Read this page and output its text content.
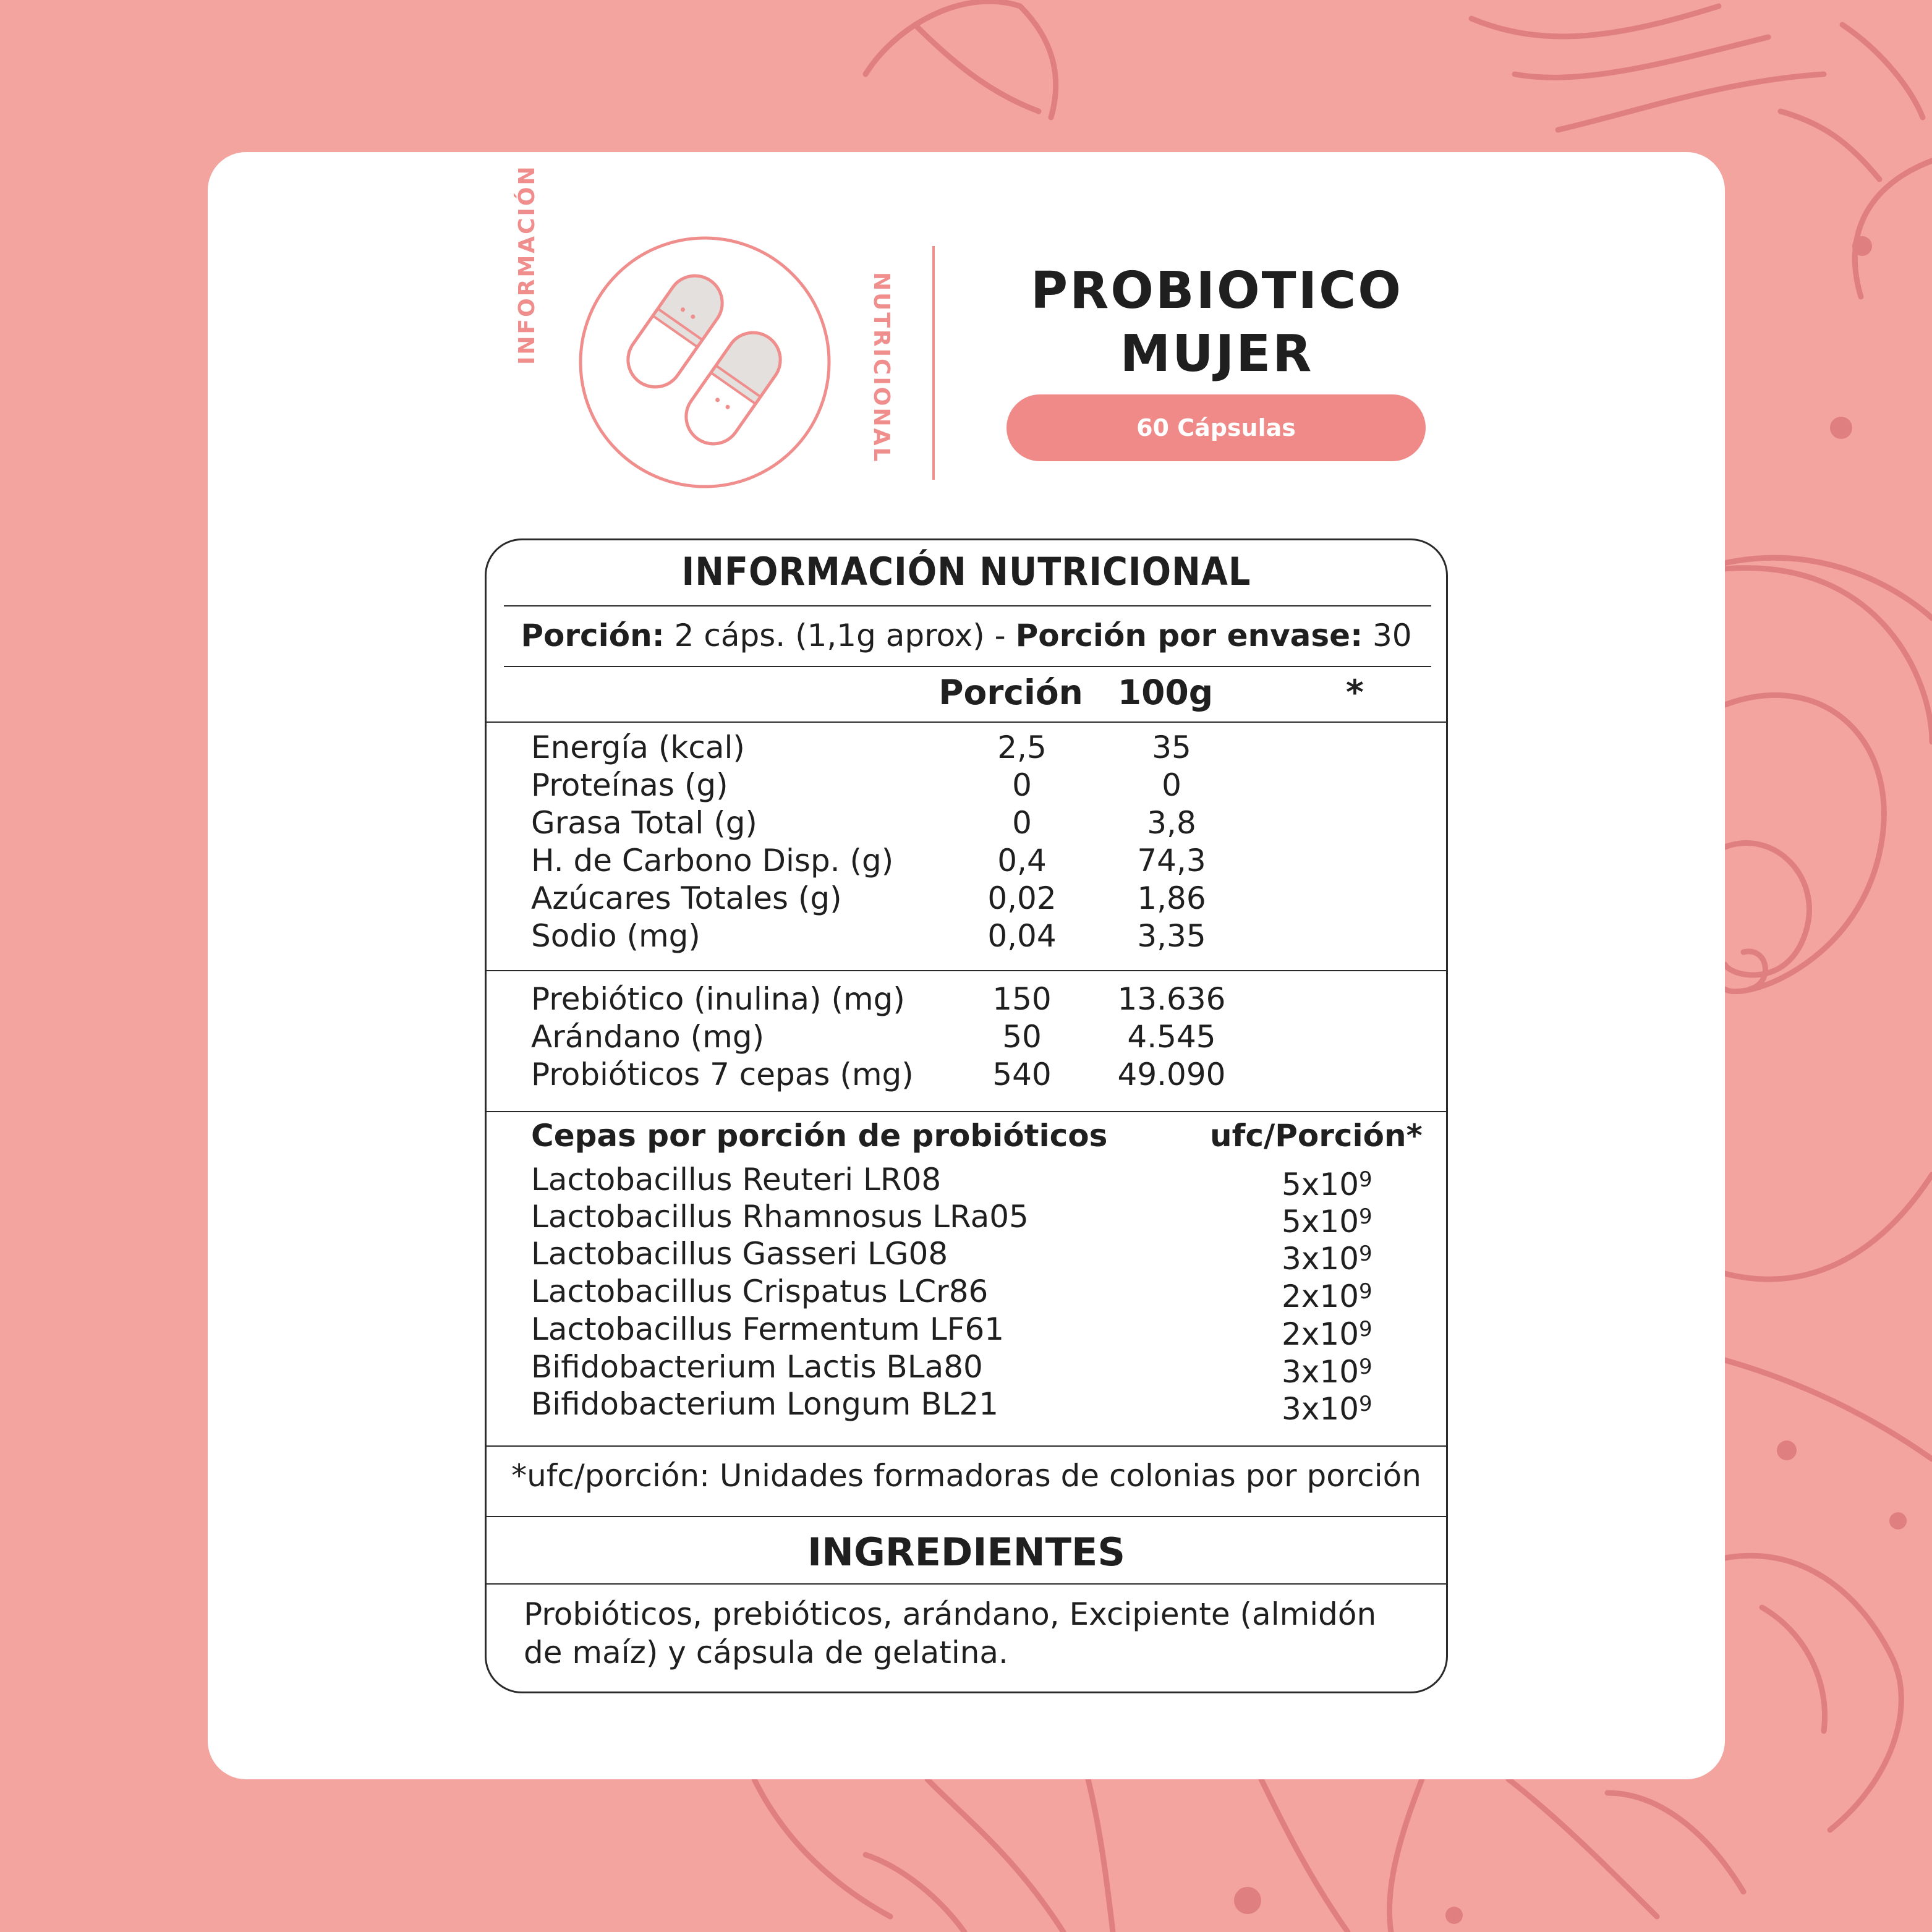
INFORMACIÓN
NUTRICIONAL	PROBIOTICO
MUJER
60 Cápsulas
INFORMACIÓN NUTRICIONAL
Porción: 2 cáps. (1,1g aprox) - Porción por envase: 30
Porción 100g	*
Energía (kcal)	2,5	35
Proteínas (g)	0	0
Grasa Total (g)	0	3,8
H. de Carbono Disp. (g)	0,4	74,3
Azúcares Totales (g)	0,02	1,86
Sodio (mg)	0,04	3,35
Prebiótico (inulina) (mg)	150 13.636
Arándano (mg)	50	4.545
Probióticos 7 cepas (mg)	540 49.090
Cepas por porción de probióticos	ufc/Porción*
Lactobacillus Reuteri LR08	$5x10^9$
Lactobacillus Rhamnosus LRa05	$5x10^9$
Lactobacillus Gasseri LG08	$3x10^9$
Lactobacillus Crispatus LCr86	$2x10^9$
Lactobacillus Fermentum LF61	$2x10^9$
Bifidobacterium Lactis BLa80	$3x10^9$
Bifidobacterium Longum BL21	$3x10^9$
*ufc/porción: Unidades formadoras de colonias por porción
INGREDIENTES
Probióticos, prebióticos, arándano, Excipiente (almidón de maíz) y cápsula de gelatina.
